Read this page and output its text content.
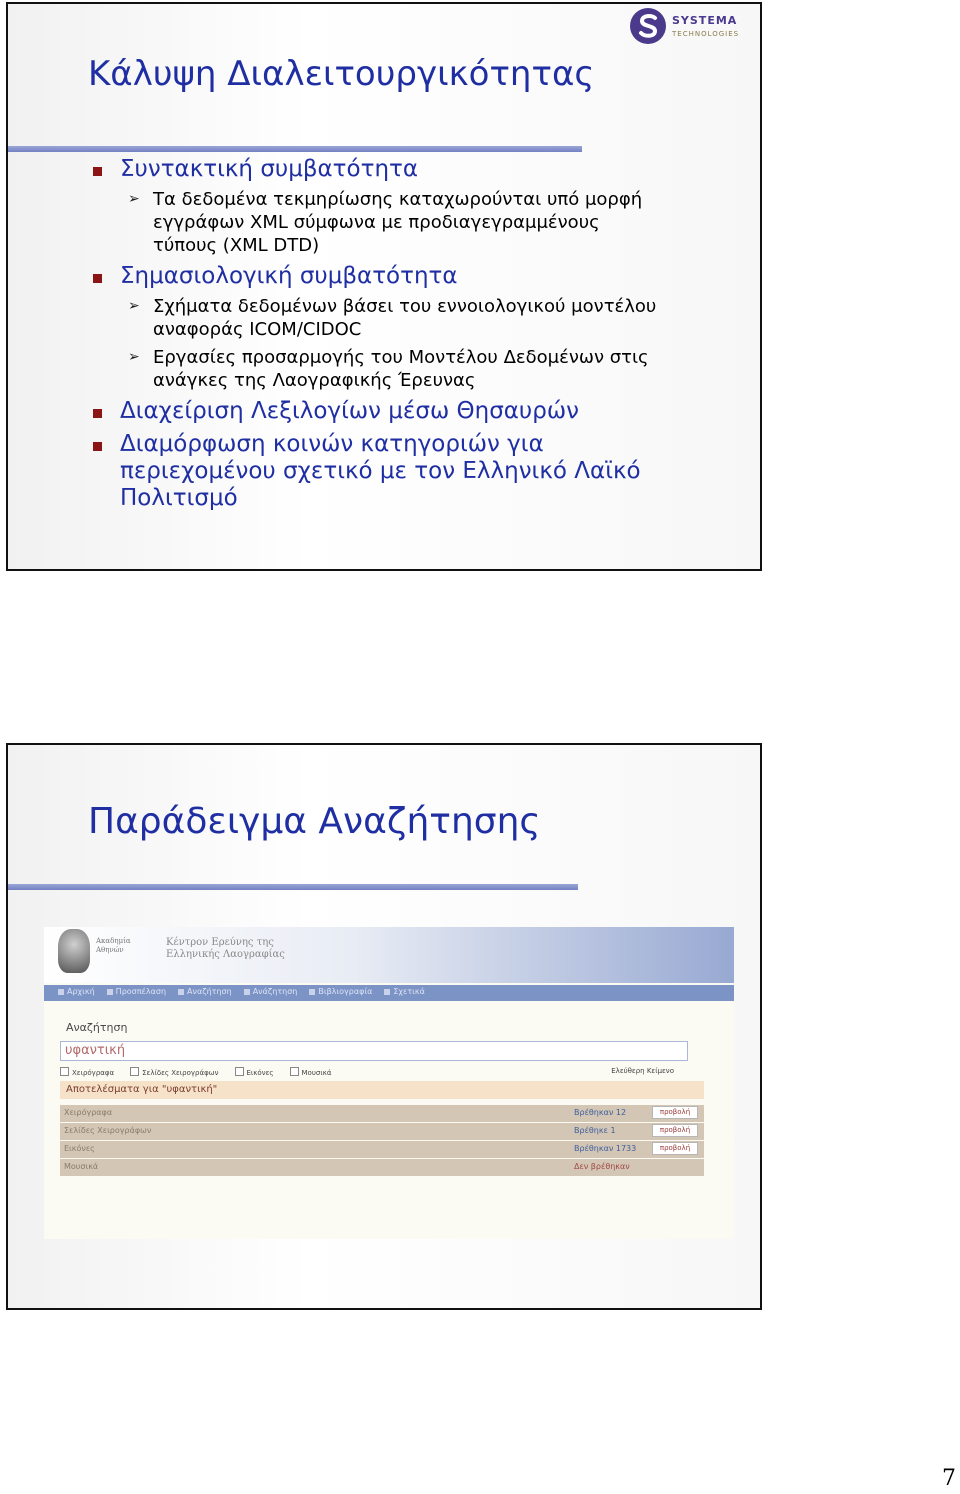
SYSTEMA
TECHNOLOGIES
Κάλυψη Διαλειτουργικότητας

Συντακτική συμβατότητα

➢ Τα δεδομένα τεκμηρίωσης καταχωρούνται υπό μορφή
εγγράφων XML σύμφωνα με προδιαγεγραμμένους
τύπους (XML DTD)

Σημασιολογική συμβατότητα

➢ Σχήματα δεδομένων βάσει του εννοιολογικού μοντέλου
αναφοράς ICOM/CIDOC

➢ Εργασίες προσαρμογής του Μοντέλου Δεδομένων στις
ανάγκες της Λαογραφικής Έρευνας

Διαχείριση Λεξιλογίων μέσω Θησαυρών

Διαμόρφωση κοινών κατηγοριών για
περιεχομένου σχετικό με τον Ελληνικό Λαϊκό
Πολιτισμό

Παράδειγμα Αναζήτησης
Ακαδημία
Αθηνών
Κέντρον Ερεύνης της
Ελληνικής Λαογραφίας
Αρχική	Προσπέλαση	Αναζήτηση	Ανάζητηση	Βιβλιογραφία	Σχετικά
Αναζήτηση
υφαντική
Χειρόγραφα	Σελίδες Χειρογράφων	Εικόνες	Μουσικά	Ελεύθερη Κείμενο
Αποτελέσματα για "υφαντική"
Χειρόγραφα	Βρέθηκαν 12	προβολή
Σελίδες Χειρογράφων	Βρέθηκε 1	προβολή
Εικόνες	Βρέθηκαν 1733	προβολή
Μουσικά	Δεν βρέθηκαν
7
